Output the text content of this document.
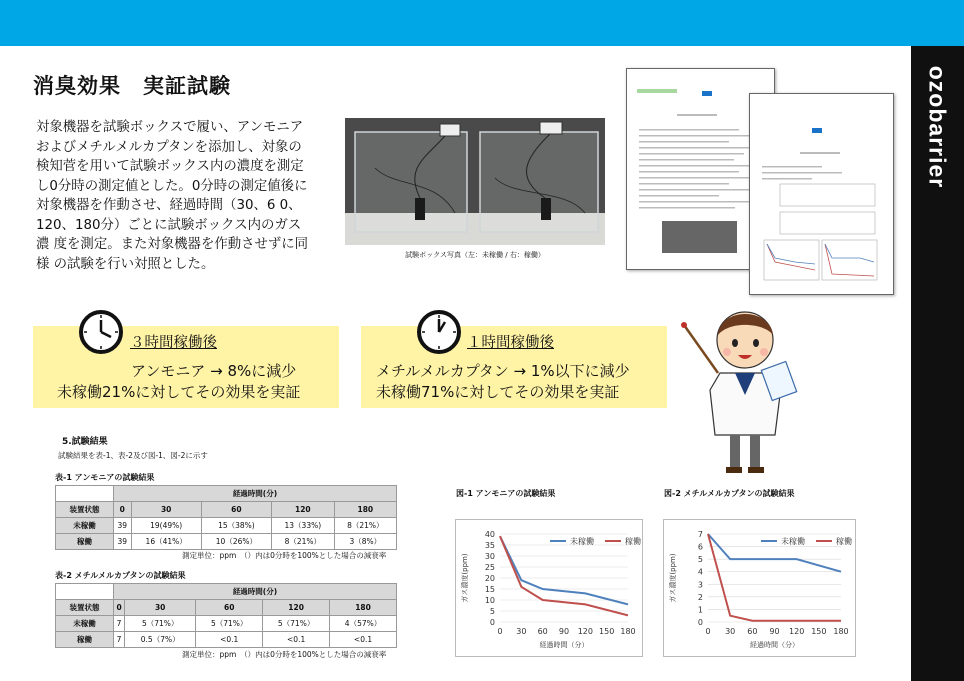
ozobarrier
消臭効果　実証試験
対象機器を試験ボックスで履い、アンモニア
およびメチルメルカプタンを添加し、対象の
検知菅を用いて試験ボックス内の濃度を測定
し0分時の測定値とした。0分時の測定値後に
対象機器を作動させ、経過時間（30、6 0、
120、180分）ごとに試験ボックス内のガス
濃 度を測定。また対象機器を作動させずに同
様 の試験を行い対照とした。
試験ボックス写真（左：未稼働 / 右：稼働）
３時間稼働後
アンモニア → 8%に減少
未稼働21%に対してその効果を実証
１時間稼働後
メチルメルカプタン → 1%以下に減少
未稼働71%に対してその効果を実証
5.試験結果
試験結果を表-1、表-2及び図-1、図-2に示す
表-1 アンモニアの試験結果
	経過時間(分)				
装置状態	0	30	60	120	180
未稼働	39	19(49%)	15（38%)	13（33%)	8（21%）
稼働	39	16（41%）	10（26%）	8（21%）	3（8%）
測定単位：ppm　（）内は0分時を100%とした場合の減衰率
表-2 メチルメルカプタンの試験結果
	経過時間(分)				
装置状態	0	30	60	120	180
未稼働	7	5（71%）	5（71%）	5（71%）	4（57%）
稼働	7	0.5（7%）	<0.1	<0.1	<0.1
測定単位：ppm　（）内は0分時を100%とした場合の減衰率
図-1 アンモニアの試験結果
0
5
10
15
20
25
30
35
40
0 30 60 90 120 150 180
経過時間（分）
ガス濃度(ppm)
未稼働	稼働
図-2 メチルメルカプタンの試験結果
0
1
2
3
4
5
6
7
0 30 60 90 120 150 180
経過時間（分）
ガス濃度(ppm)
未稼働	稼働
